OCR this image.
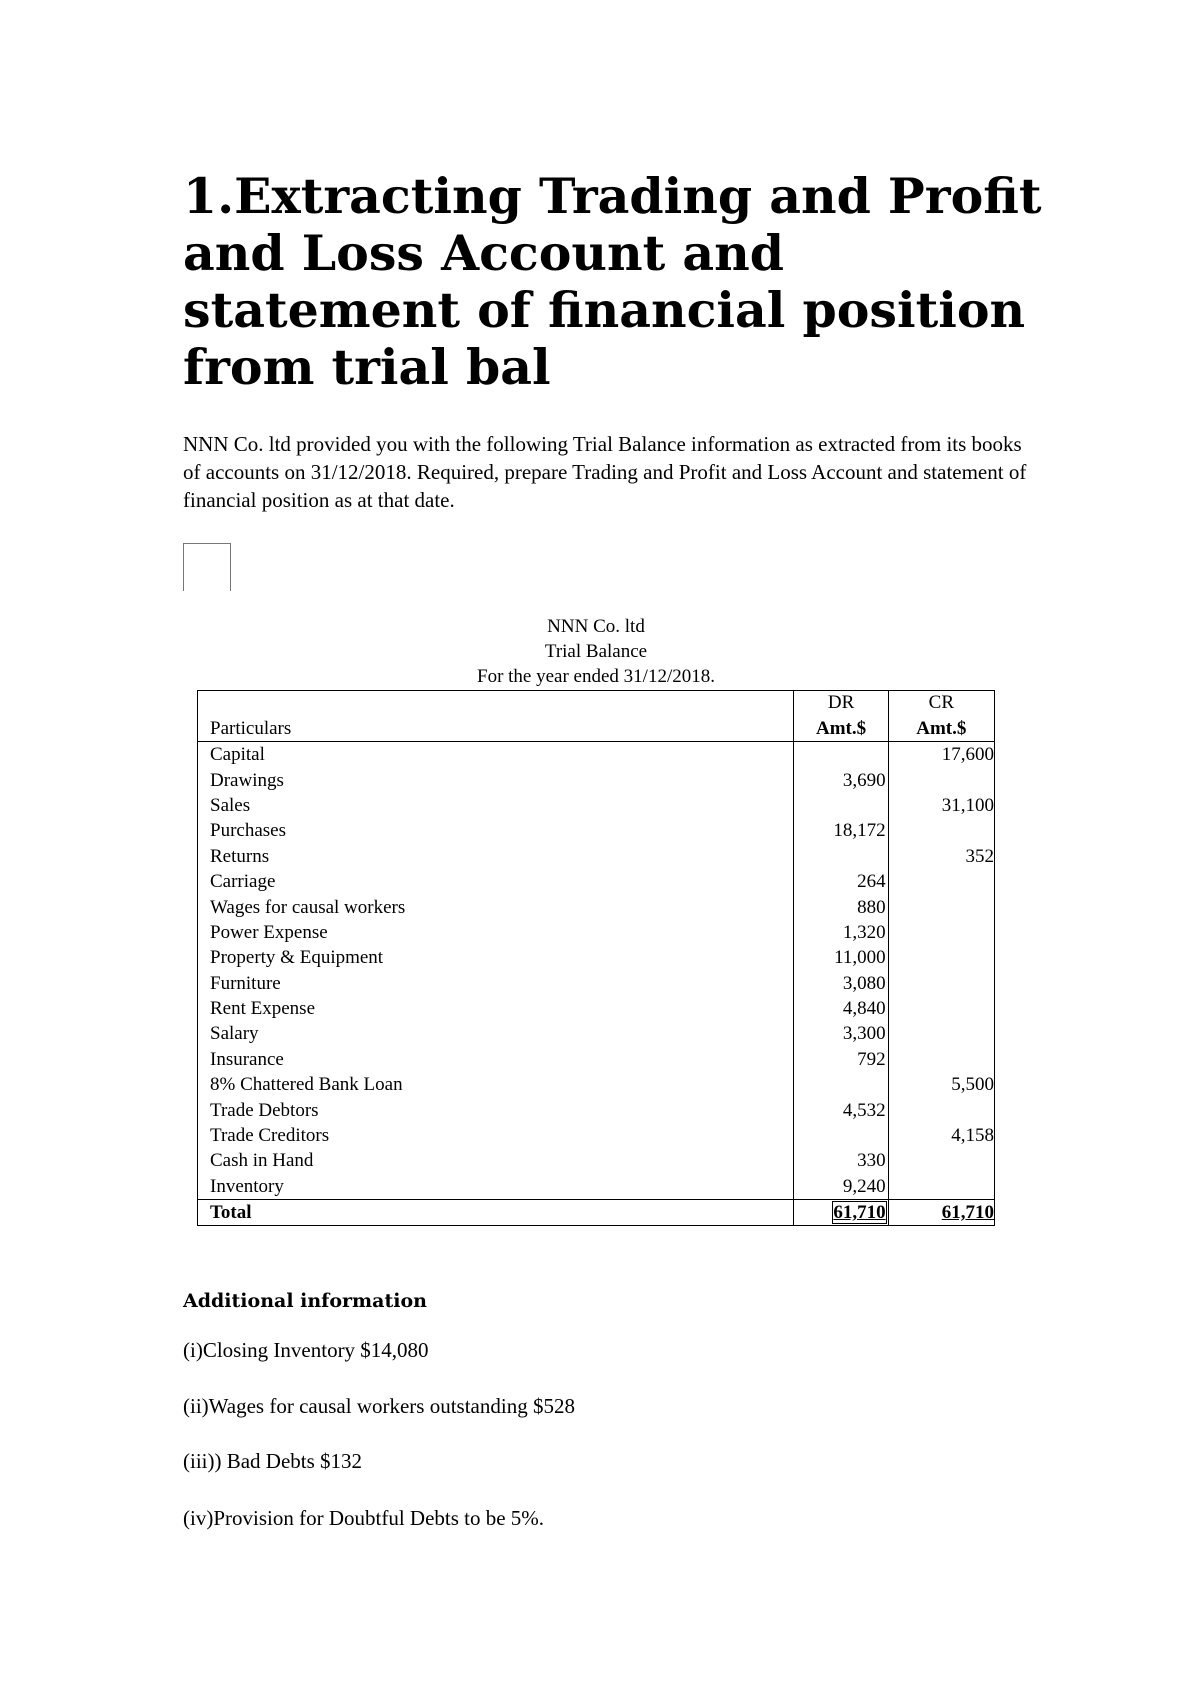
1.Extracting Trading and Profit and Loss Account and statement of financial position from trial bal

NNN Co. ltd provided you with the following Trial Balance information as extracted from its books of accounts on 31/12/2018. Required, prepare Trading and Profit and Loss Account and statement of financial position as at that date.

NNN Co. ltd
Trial Balance
For the year ended 31/12/2018.
	DR	CR
Particulars	Amt.$	Amt.$
Capital		17,600
Drawings	3,690	
Sales		31,100
Purchases	18,172	
Returns		352
Carriage	264	
Wages for causal workers	880	
Power Expense	1,320	
Property & Equipment	11,000	
Furniture	3,080	
Rent Expense	4,840	
Salary	3,300	
Insurance	792	
8% Chattered Bank Loan		5,500
Trade Debtors	4,532	
Trade Creditors		4,158
Cash in Hand	330	
Inventory	9,240	
Total	61,710	61,710

Additional information

(i)Closing Inventory $14,080

(ii)Wages for causal workers outstanding $528

(iii)) Bad Debts $132

(iv)Provision for Doubtful Debts to be 5%.
